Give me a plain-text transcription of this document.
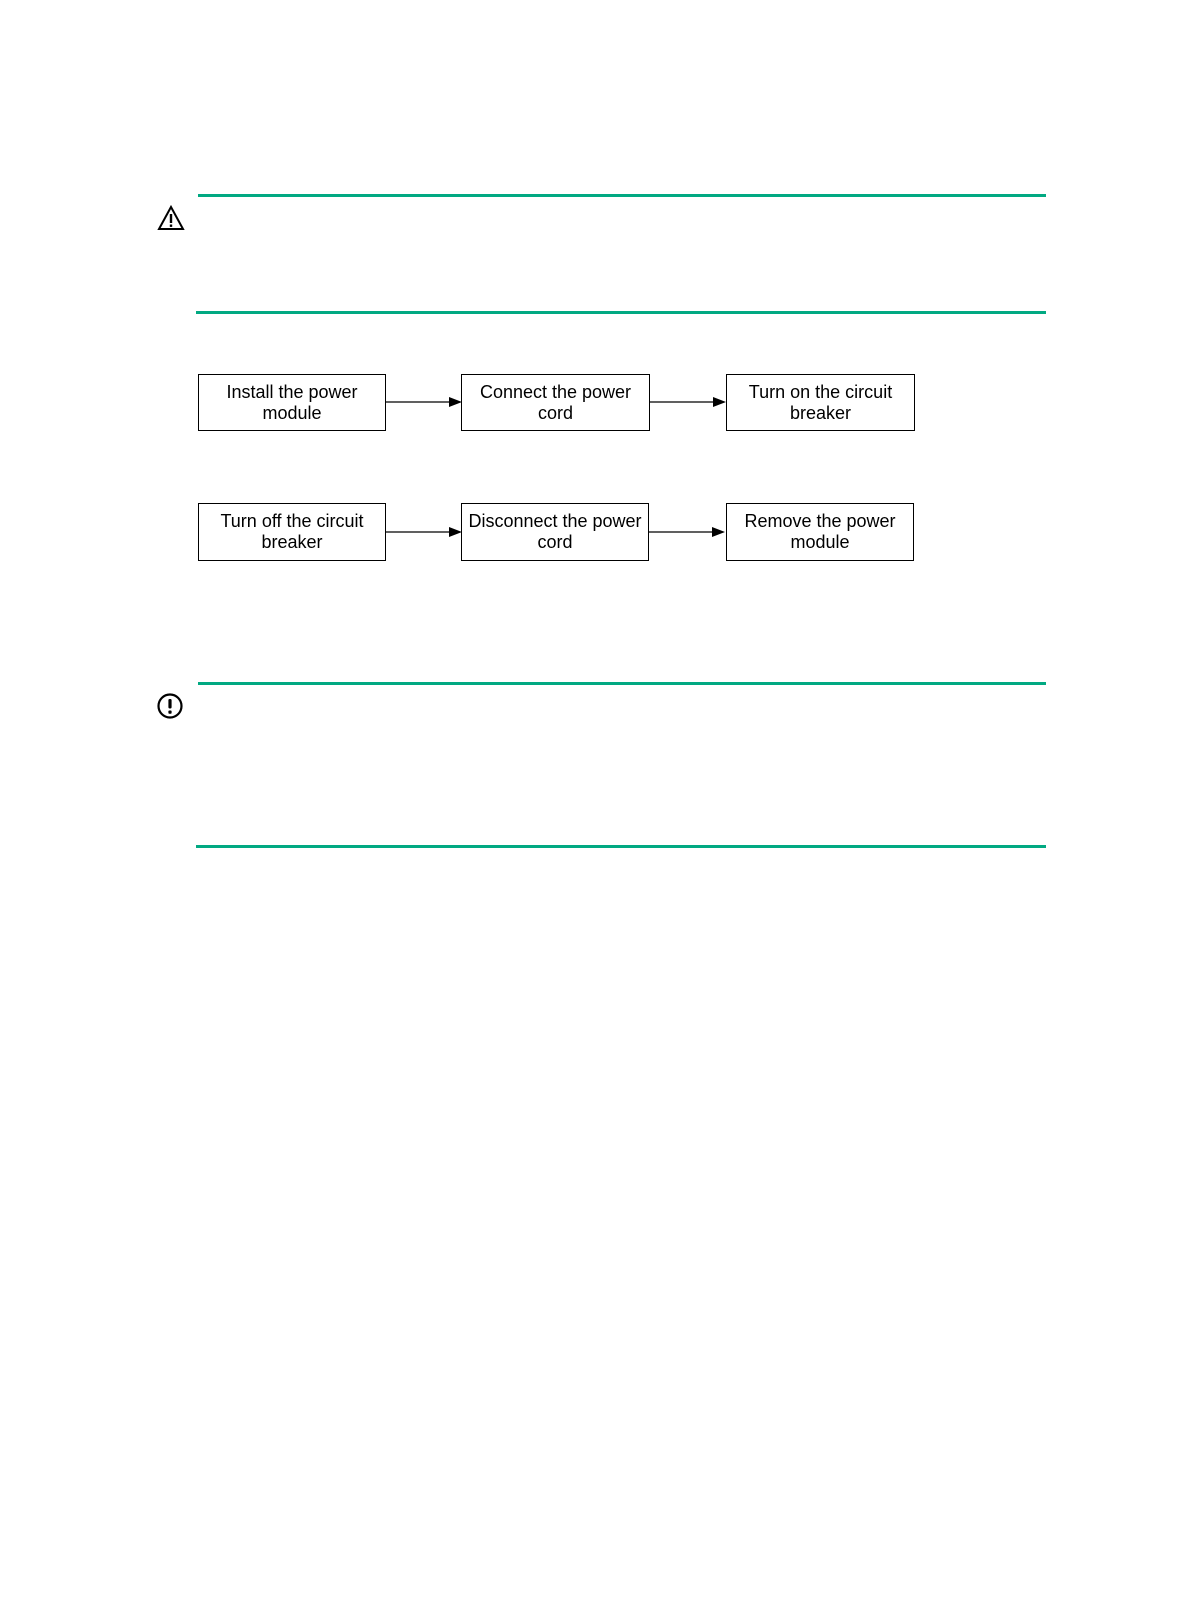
Install the power
module
Connect the power
cord
Turn on the circuit
breaker
Turn off the circuit
breaker
Disconnect the power
cord
Remove the power
module
